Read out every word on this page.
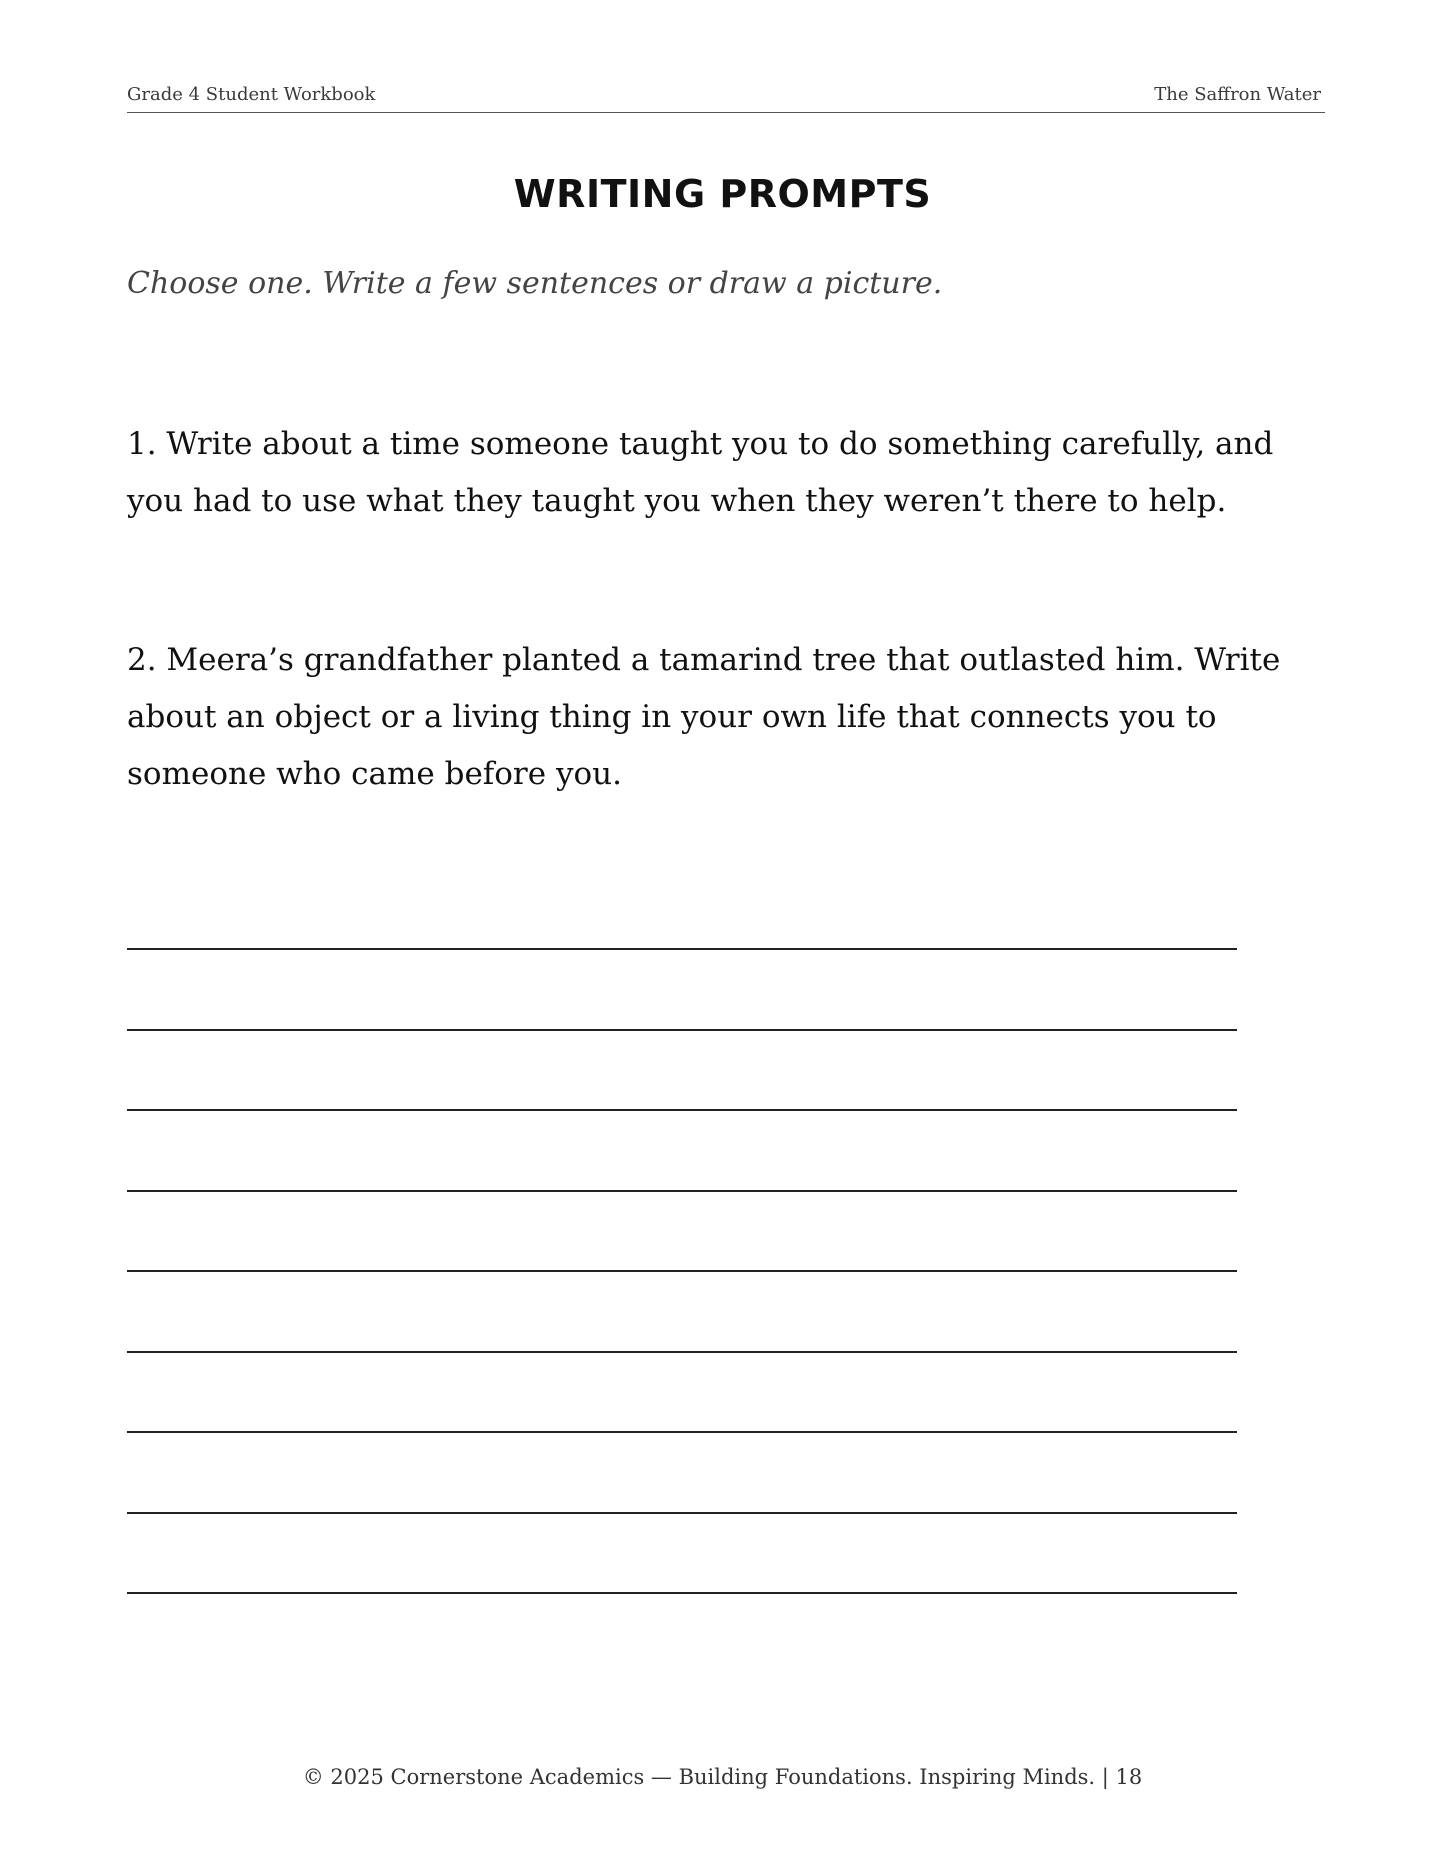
Grade 4 Student Workbook	The Saffron Water
WRITING PROMPTS
Choose one. Write a few sentences or draw a picture.
1. Write about a time someone taught you to do something carefully, and you had to use what they taught you when they weren’t there to help.
2. Meera’s grandfather planted a tamarind tree that outlasted him. Write about an object or a living thing in your own life that connects you to someone who came before you.
© 2025 Cornerstone Academics — Building Foundations. Inspiring Minds. | 18
